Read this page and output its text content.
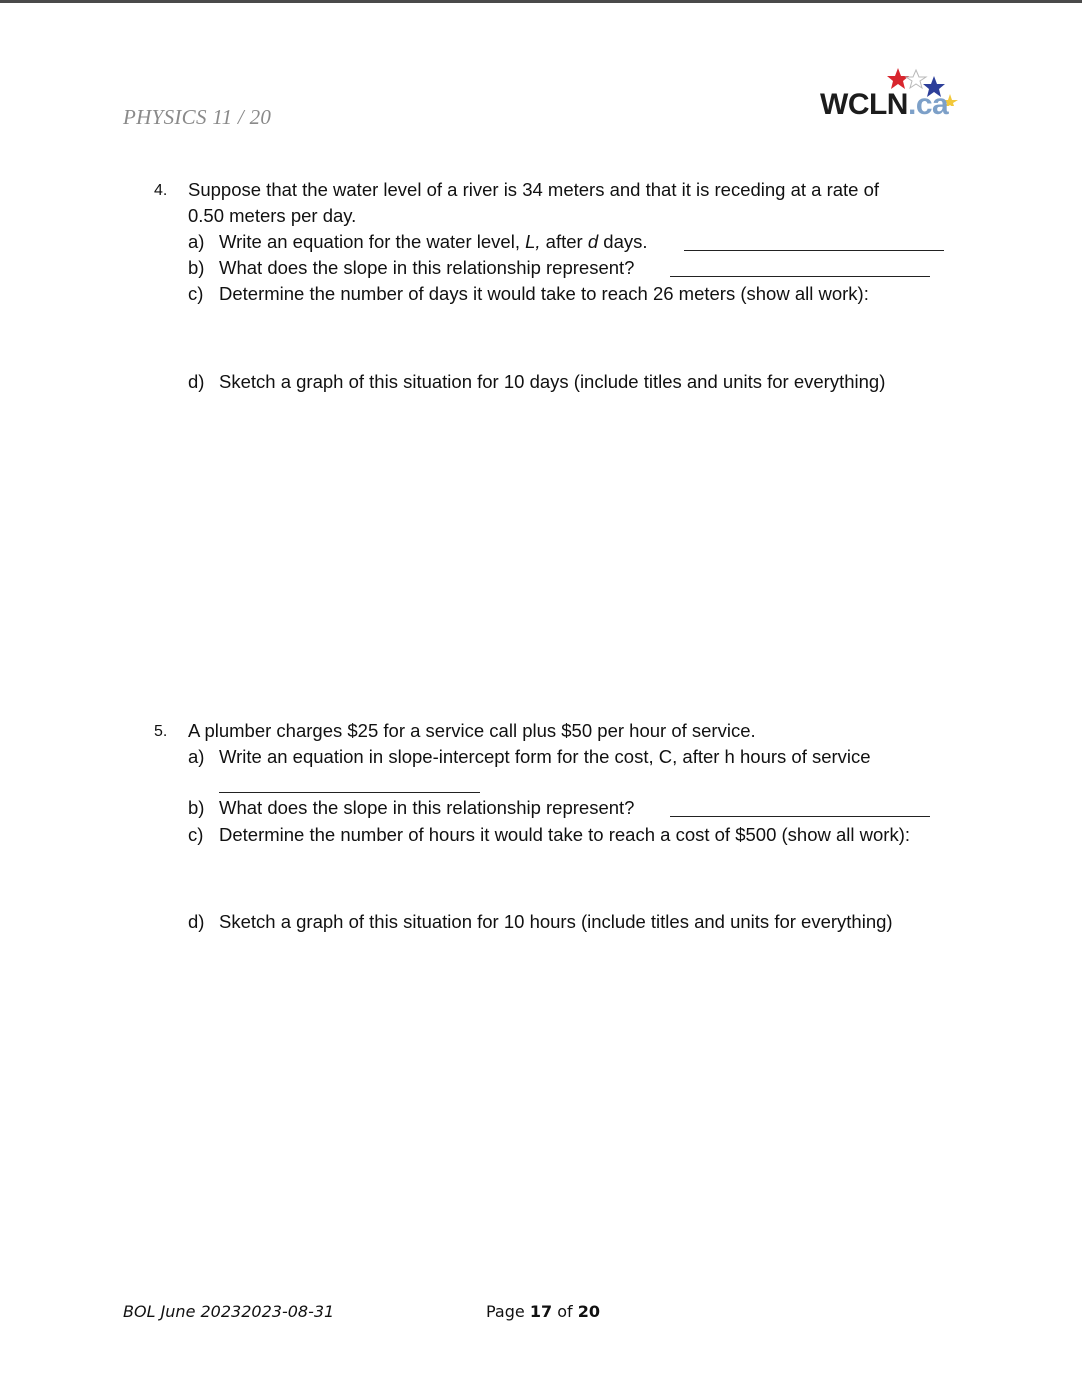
PHYSICS 11 / 20	WCLN.ca
4. Suppose that the water level of a river is 34 meters and that it is receding at a rate of
0.50 meters per day.
a) Write an equation for the water level, L, after d days.
b) What does the slope in this relationship represent?
c) Determine the number of days it would take to reach 26 meters (show all work):
d) Sketch a graph of this situation for 10 days (include titles and units for everything)
5. A plumber charges $25 for a service call plus $50 per hour of service.
a) Write an equation in slope-intercept form for the cost, C, after h hours of service
b) What does the slope in this relationship represent?
c) Determine the number of hours it would take to reach a cost of $500 (show all work):
d) Sketch a graph of this situation for 10 hours (include titles and units for everything)
BOL June 20232023-08-31	Page 17 of 20
